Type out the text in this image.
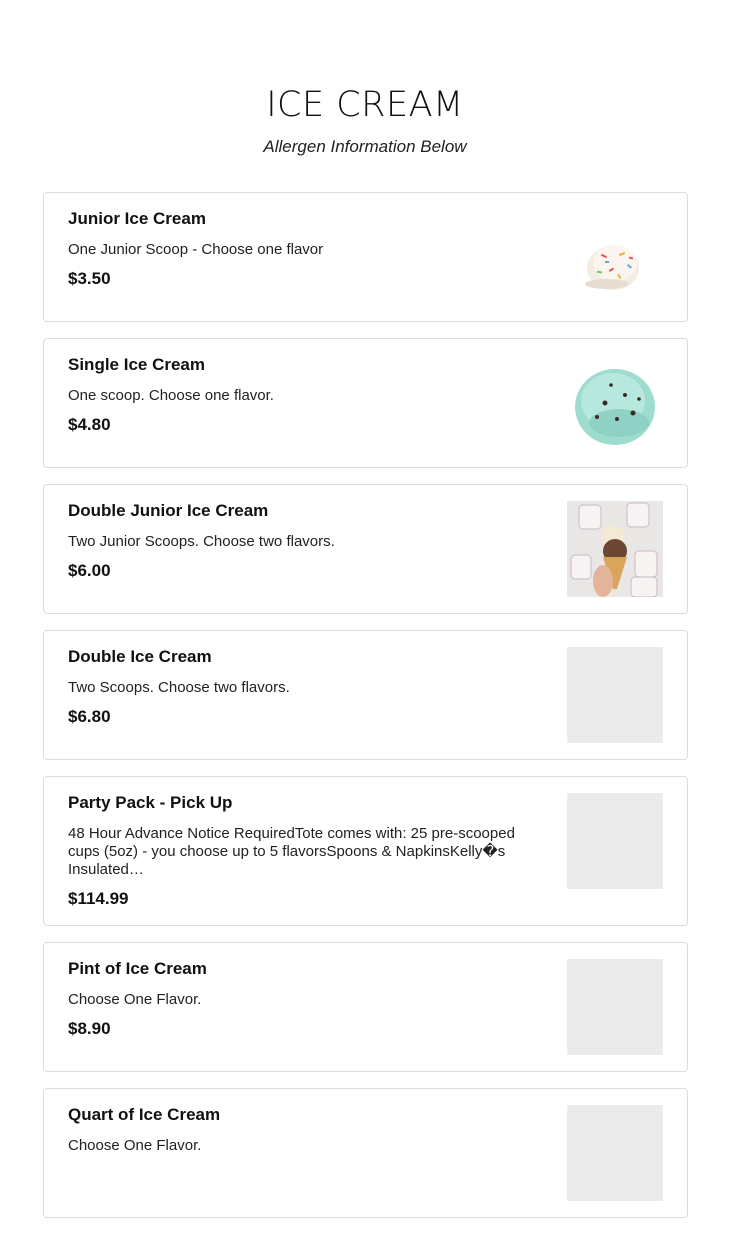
ICE CREAM
Allergen Information Below

Junior Ice Cream

One Junior Scoop - Choose one flavor
$3.50

Single Ice Cream

One scoop. Choose one flavor.
$4.80

Double Junior Ice Cream

Two Junior Scoops. Choose two flavors.
$6.00

Double Ice Cream

Two Scoops. Choose two flavors.
$6.80

Party Pack - Pick Up

48 Hour Advance Notice RequiredTote comes with: 25 pre-scooped cups (5oz) - you choose up to 5 flavorsSpoons & NapkinsKelly�s Insulated…
$114.99

Pint of Ice Cream

Choose One Flavor.
$8.90

Quart of Ice Cream

Choose One Flavor.
